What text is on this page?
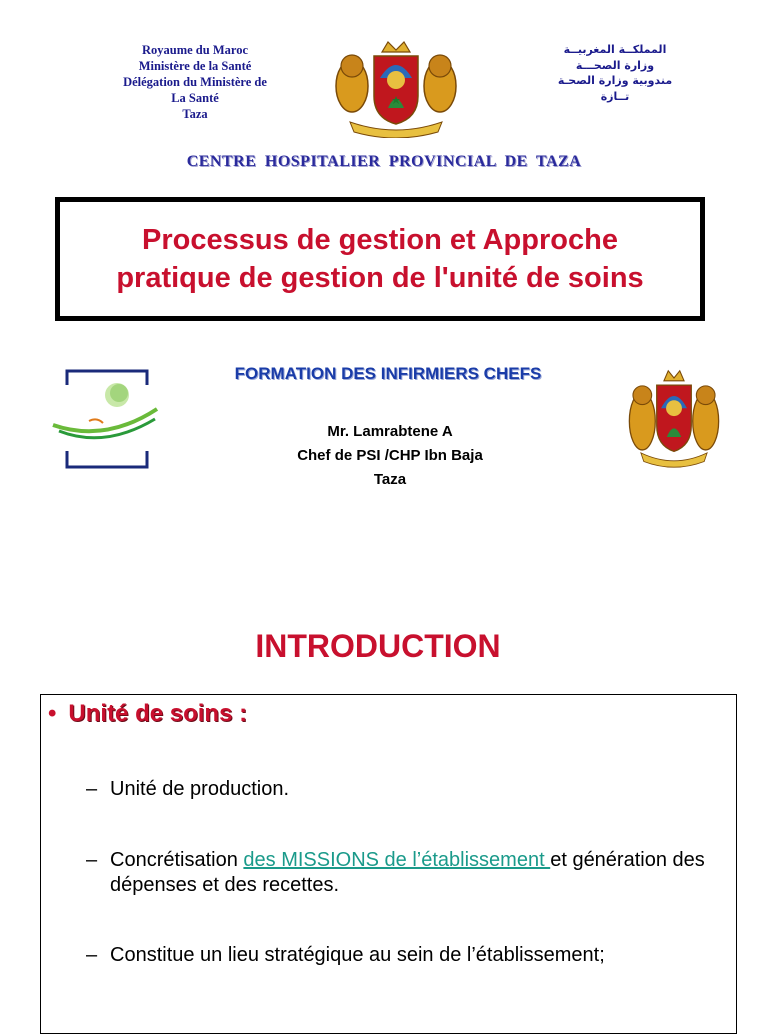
Royaume du Maroc
Ministère de la Santé
Délégation du Ministère de
La Santé
Taza
المملكــة المغربيــة
وزارة الصحـــة
مندوبية وزارة الصحـة
تــازة
CENTRE HOSPITALIER PROVINCIAL DE TAZA
Processus de gestion et Approche
pratique de gestion de l'unité de soins
FORMATION DES INFIRMIERS CHEFS
Mr. Lamrabtene A
Chef de PSI /CHP Ibn Baja
Taza
INTRODUCTION
• Unité de soins :
– Unité de production.
– Concrétisation des MISSIONS de l’établissement et génération des dépenses et des recettes.
– Constitue un lieu stratégique au sein de l’établissement;
